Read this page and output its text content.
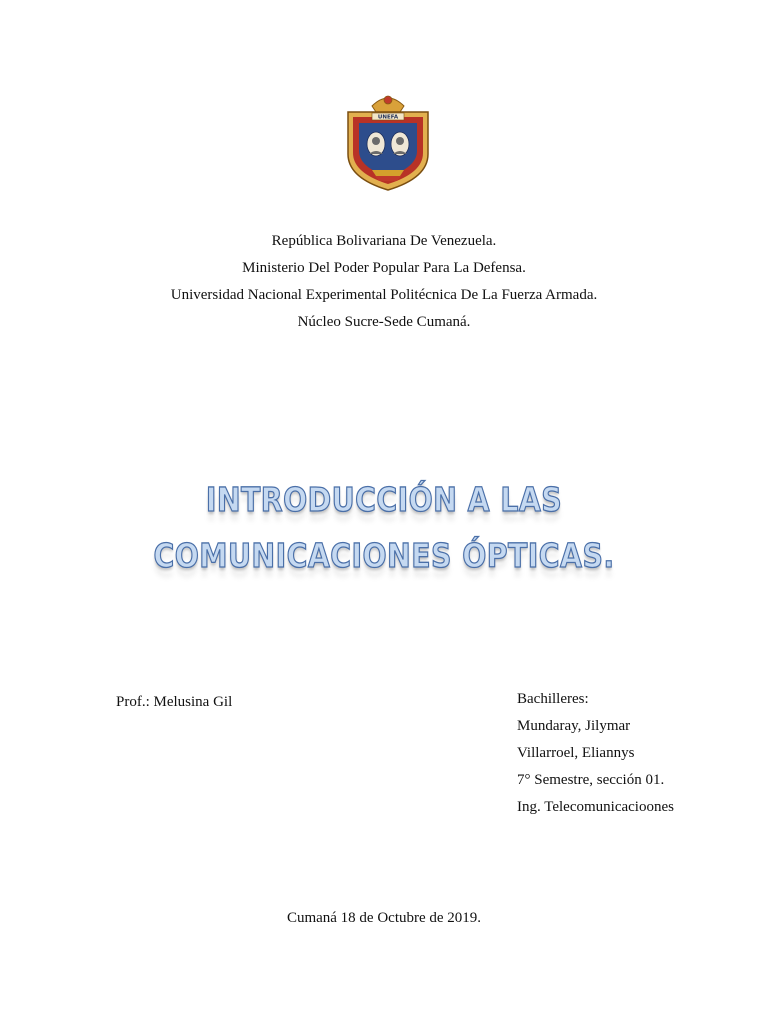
UNEFA
República Bolivariana De Venezuela.
Ministerio Del Poder Popular Para La Defensa.
Universidad Nacional Experimental Politécnica De La Fuerza Armada.
Núcleo Sucre-Sede Cumaná.
INTRODUCCIÓN A LAS
COMUNICACIONES ÓPTICAS.
Prof.: Melusina Gil	Bachilleres:
Mundaray, Jilymar
Villarroel, Eliannys
7° Semestre, sección 01.
Ing. Telecomunicacioones
Cumaná 18 de Octubre de 2019.
